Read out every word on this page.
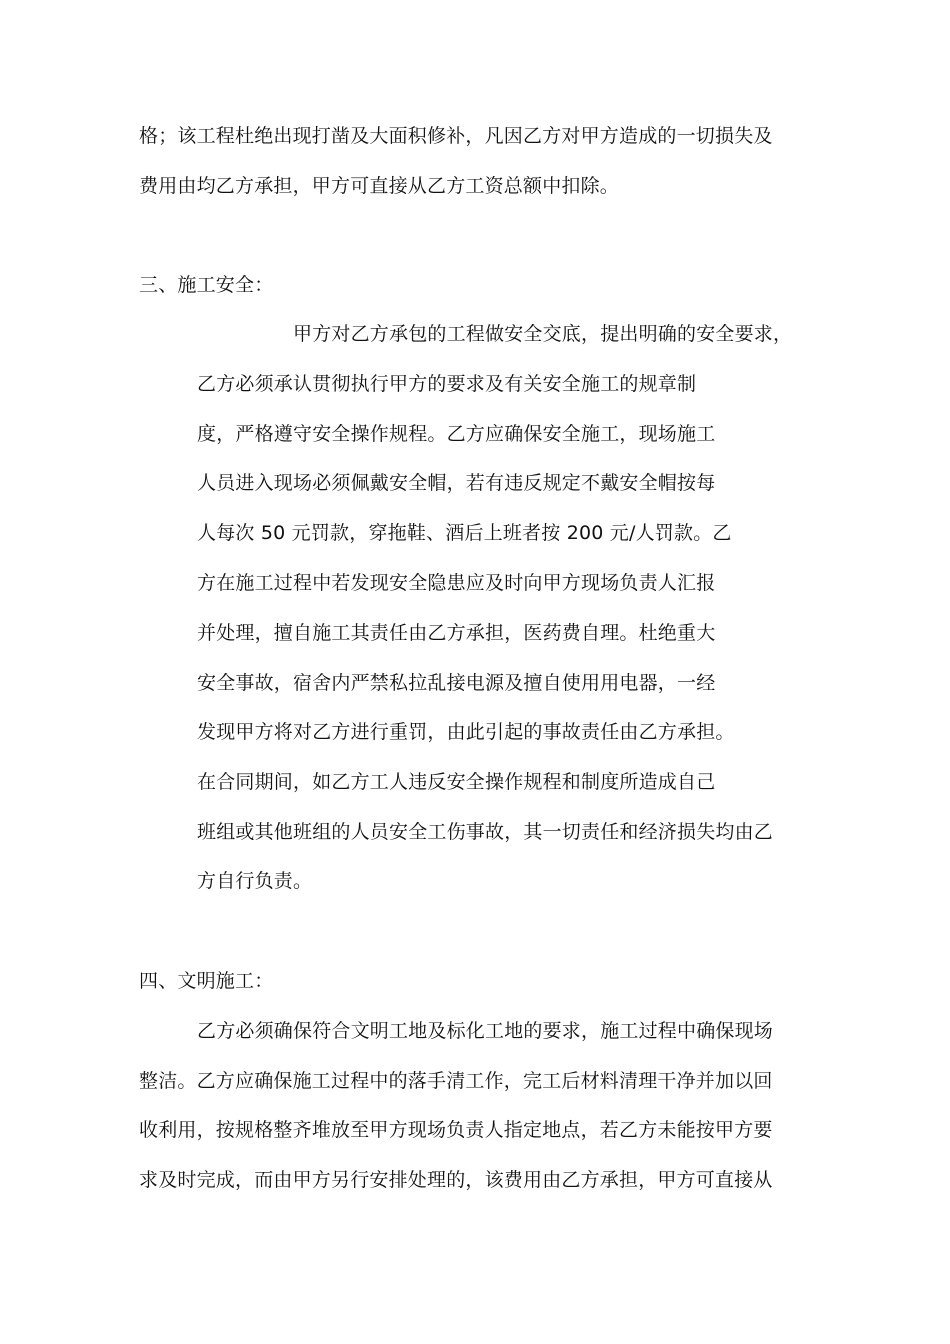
格；该工程杜绝出现打凿及大面积修补，凡因乙方对甲方造成的一切损失及
费用由均乙方承担，甲方可直接从乙方工资总额中扣除。
三、施工安全：
甲方对乙方承包的工程做安全交底，提出明确的安全要求，
乙方必须承认贯彻执行甲方的要求及有关安全施工的规章制
度，严格遵守安全操作规程。乙方应确保安全施工，现场施工
人员进入现场必须佩戴安全帽，若有违反规定不戴安全帽按每
人每次 50 元罚款，穿拖鞋、酒后上班者按 200 元/人罚款。乙
方在施工过程中若发现安全隐患应及时向甲方现场负责人汇报
并处理，擅自施工其责任由乙方承担，医药费自理。杜绝重大
安全事故，宿舍内严禁私拉乱接电源及擅自使用用电器，一经
发现甲方将对乙方进行重罚，由此引起的事故责任由乙方承担。
在合同期间，如乙方工人违反安全操作规程和制度所造成自己
班组或其他班组的人员安全工伤事故，其一切责任和经济损失均由乙
方自行负责。
四、文明施工：
乙方必须确保符合文明工地及标化工地的要求，施工过程中确保现场
整洁。乙方应确保施工过程中的落手清工作，完工后材料清理干净并加以回
收利用，按规格整齐堆放至甲方现场负责人指定地点，若乙方未能按甲方要
求及时完成，而由甲方另行安排处理的，该费用由乙方承担，甲方可直接从
